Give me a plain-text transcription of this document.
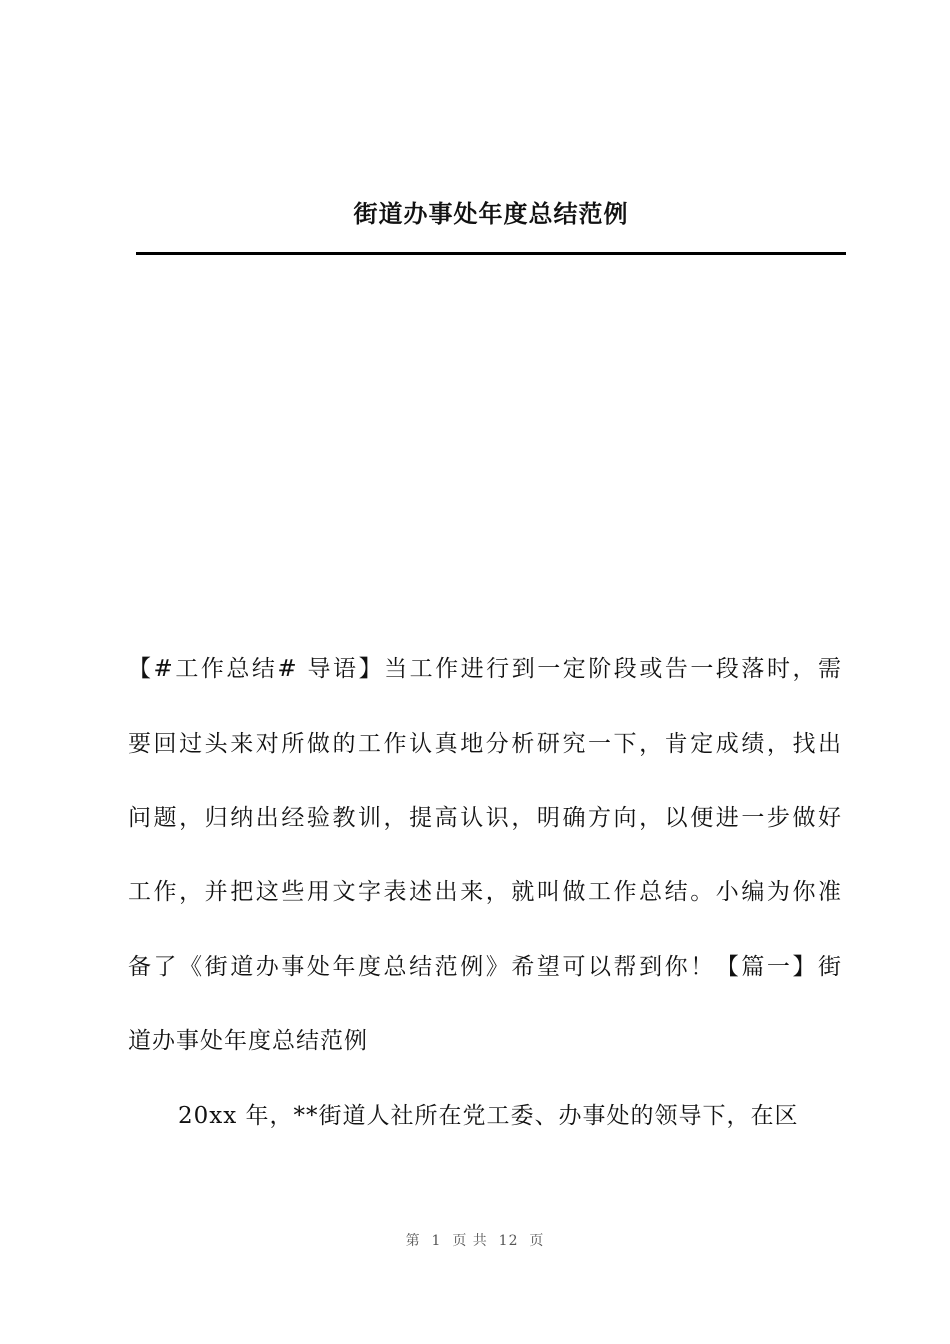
街道办事处年度总结范例
【#工作总结# 导语】当工作进行到一定阶段或告一段落时，需
要回过头来对所做的工作认真地分析研究一下，肯定成绩，找出
问题，归纳出经验教训，提高认识，明确方向，以便进一步做好
工作，并把这些用文字表述出来，就叫做工作总结。小编为你准
备了《街道办事处年度总结范例》希望可以帮到你！【篇一】街
道办事处年度总结范例
20xx 年，**街道人社所在党工委、办事处的领导下，在区
第  1  页 共  12  页
